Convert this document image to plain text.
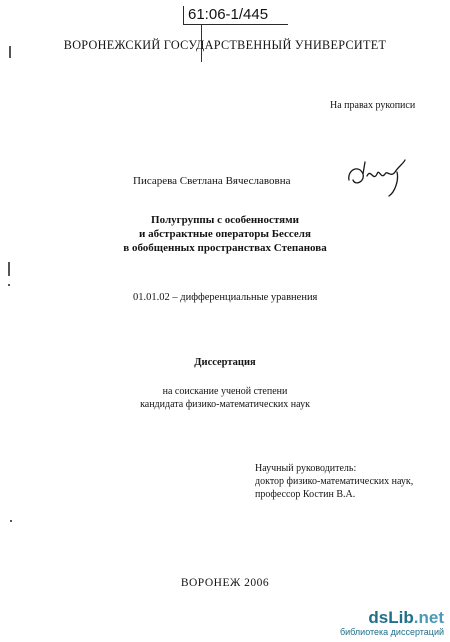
61:06-1/445
ВОРОНЕЖСКИЙ ГОСУДАРСТВЕННЫЙ УНИВЕРСИТЕТ
На правах рукописи
Писарева Светлана Вячеславовна
Полугруппы с особенностями
и абстрактные операторы Бесселя
в обобщенных пространствах Степанова
01.01.02 – дифференциальные уравнения
Диссертация
на соискание ученой степени
кандидата физико-математических наук
Научный руководитель:
доктор физико-математических наук,
профессор Костин В.А.
ВОРОНЕЖ 2006
dsLib.net
библиотека диссертаций
